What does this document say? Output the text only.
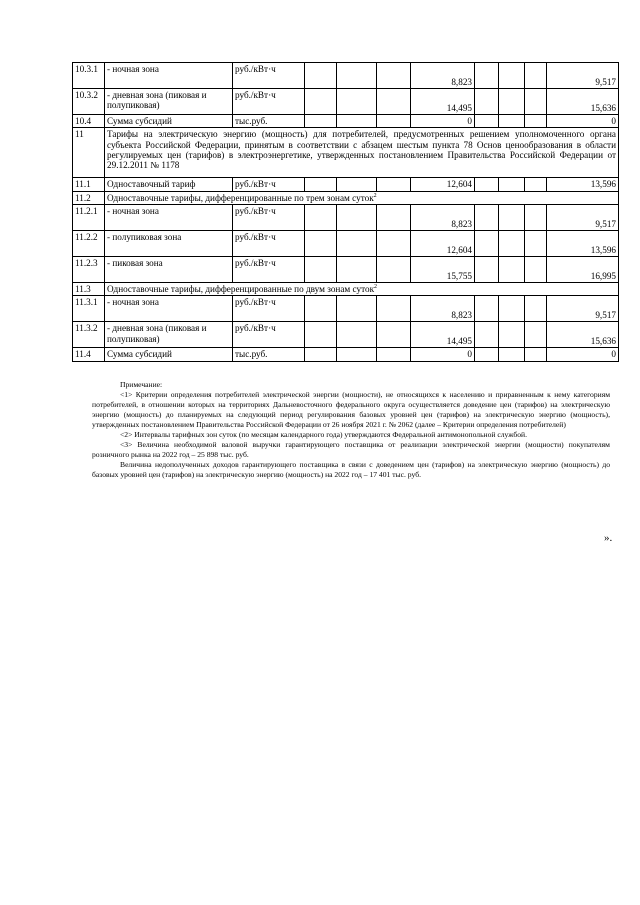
10.3.1	- ночная зона	руб./кВт·ч				8,823				9,517
10.3.2	- дневная зона (пиковая и полупиковая)	руб./кВт·ч				14,495				15,636
10.4	Сумма субсидий	тыс.руб.				0				0
11	Тарифы на электрическую энергию (мощность) для потребителей, предусмотренных решением уполномоченного органа субъекта Российской Федерации, принятым в соответствии с абзацем шестым пункта 78 Основ ценообразования в области регулируемых цен (тарифов) в электроэнергетике, утвержденных постановлением Правительства Российской Федерации от 29.12.2011 № 1178									
11.1	Одноставочный тариф	руб./кВт·ч				12,604				13,596
11.2	Одноставочные тарифы, дифференцированные по трем зонам суток$^2$
11.2.1	- ночная зона	руб./кВт·ч				8,823				9,517
11.2.2	- полупиковая зона	руб./кВт·ч				12,604				13,596
11.2.3	- пиковая зона	руб./кВт·ч				15,755				16,995
11.3	Одноставочные тарифы, дифференцированные по двум зонам суток$^2$
11.3.1	- ночная зона	руб./кВт·ч				8,823				9,517
11.3.2	- дневная зона (пиковая и полупиковая)	руб./кВт·ч				14,495				15,636
11.4	Сумма субсидий	тыс.руб.				0				0

Примечание:

<1> Критерии определения потребителей электрической энергии (мощности), не относящихся к населению и приравненным к нему категориям потребителей, в отношении которых на территориях Дальневосточного федерального округа осуществляется доведение цен (тарифов) на электрическую энергию (мощность) до планируемых на следующий период регулирования базовых уровней цен (тарифов) на электрическую энергию (мощность), утвержденных постановлением Правительства Российской Федерации от 26 ноября 2021 г. № 2062 (далее – Критерии определения потребителей)

<2> Интервалы тарифных зон суток (по месяцам календарного года) утверждаются Федеральной антимонопольной службой.

<3> Величина необходимой валовой выручки гарантирующего поставщика от реализации электрической энергии (мощности) покупателям розничного рынка на 2022 год – 25 898 тыс. руб.

Величина недополученных доходов гарантирующего поставщика в связи с доведением цен (тарифов) на электрическую энергию (мощность) до базовых уровней цен (тарифов) на электрическую энергию (мощность) на 2022 год – 17 401 тыс. руб.

».
